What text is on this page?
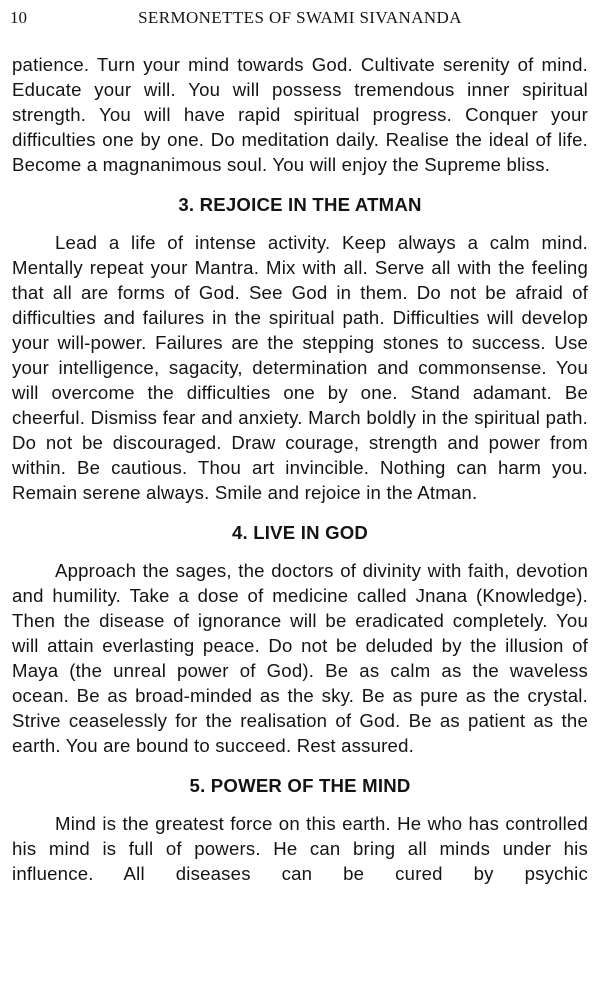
10	SERMONETTES OF SWAMI SIVANANDA

patience. Turn your mind towards God. Cultivate serenity of mind. Educate your will. You will possess tremendous inner spiritual strength. You will have rapid spiritual progress. Conquer your difficulties one by one. Do meditation daily. Realise the ideal of life. Become a magnanimous soul. You will enjoy the Supreme bliss.

3. REJOICE IN THE ATMAN

Lead a life of intense activity. Keep always a calm mind. Mentally repeat your Mantra. Mix with all. Serve all with the feeling that all are forms of God. See God in them. Do not be afraid of difficulties and failures in the spiritual path. Difficulties will develop your will-power. Failures are the stepping stones to success. Use your intelligence, sagacity, determination and commonsense. You will overcome the difficulties one by one. Stand adamant. Be cheerful. Dismiss fear and anxiety. March boldly in the spiritual path. Do not be discouraged. Draw courage, strength and power from within. Be cautious. Thou art invincible. Nothing can harm you. Remain serene always. Smile and rejoice in the Atman.

4. LIVE IN GOD

Approach the sages, the doctors of divinity with faith, devotion and humility. Take a dose of medicine called Jnana (Knowledge). Then the disease of ignorance will be eradicated completely. You will attain everlasting peace. Do not be deluded by the illusion of Maya (the unreal power of God). Be as calm as the waveless ocean. Be as broad-minded as the sky. Be as pure as the crystal. Strive ceaselessly for the realisation of God. Be as patient as the earth. You are bound to succeed. Rest assured.

5. POWER OF THE MIND

Mind is the greatest force on this earth. He who has controlled his mind is full of powers. He can bring all minds under his influence. All diseases can be cured by psychic
